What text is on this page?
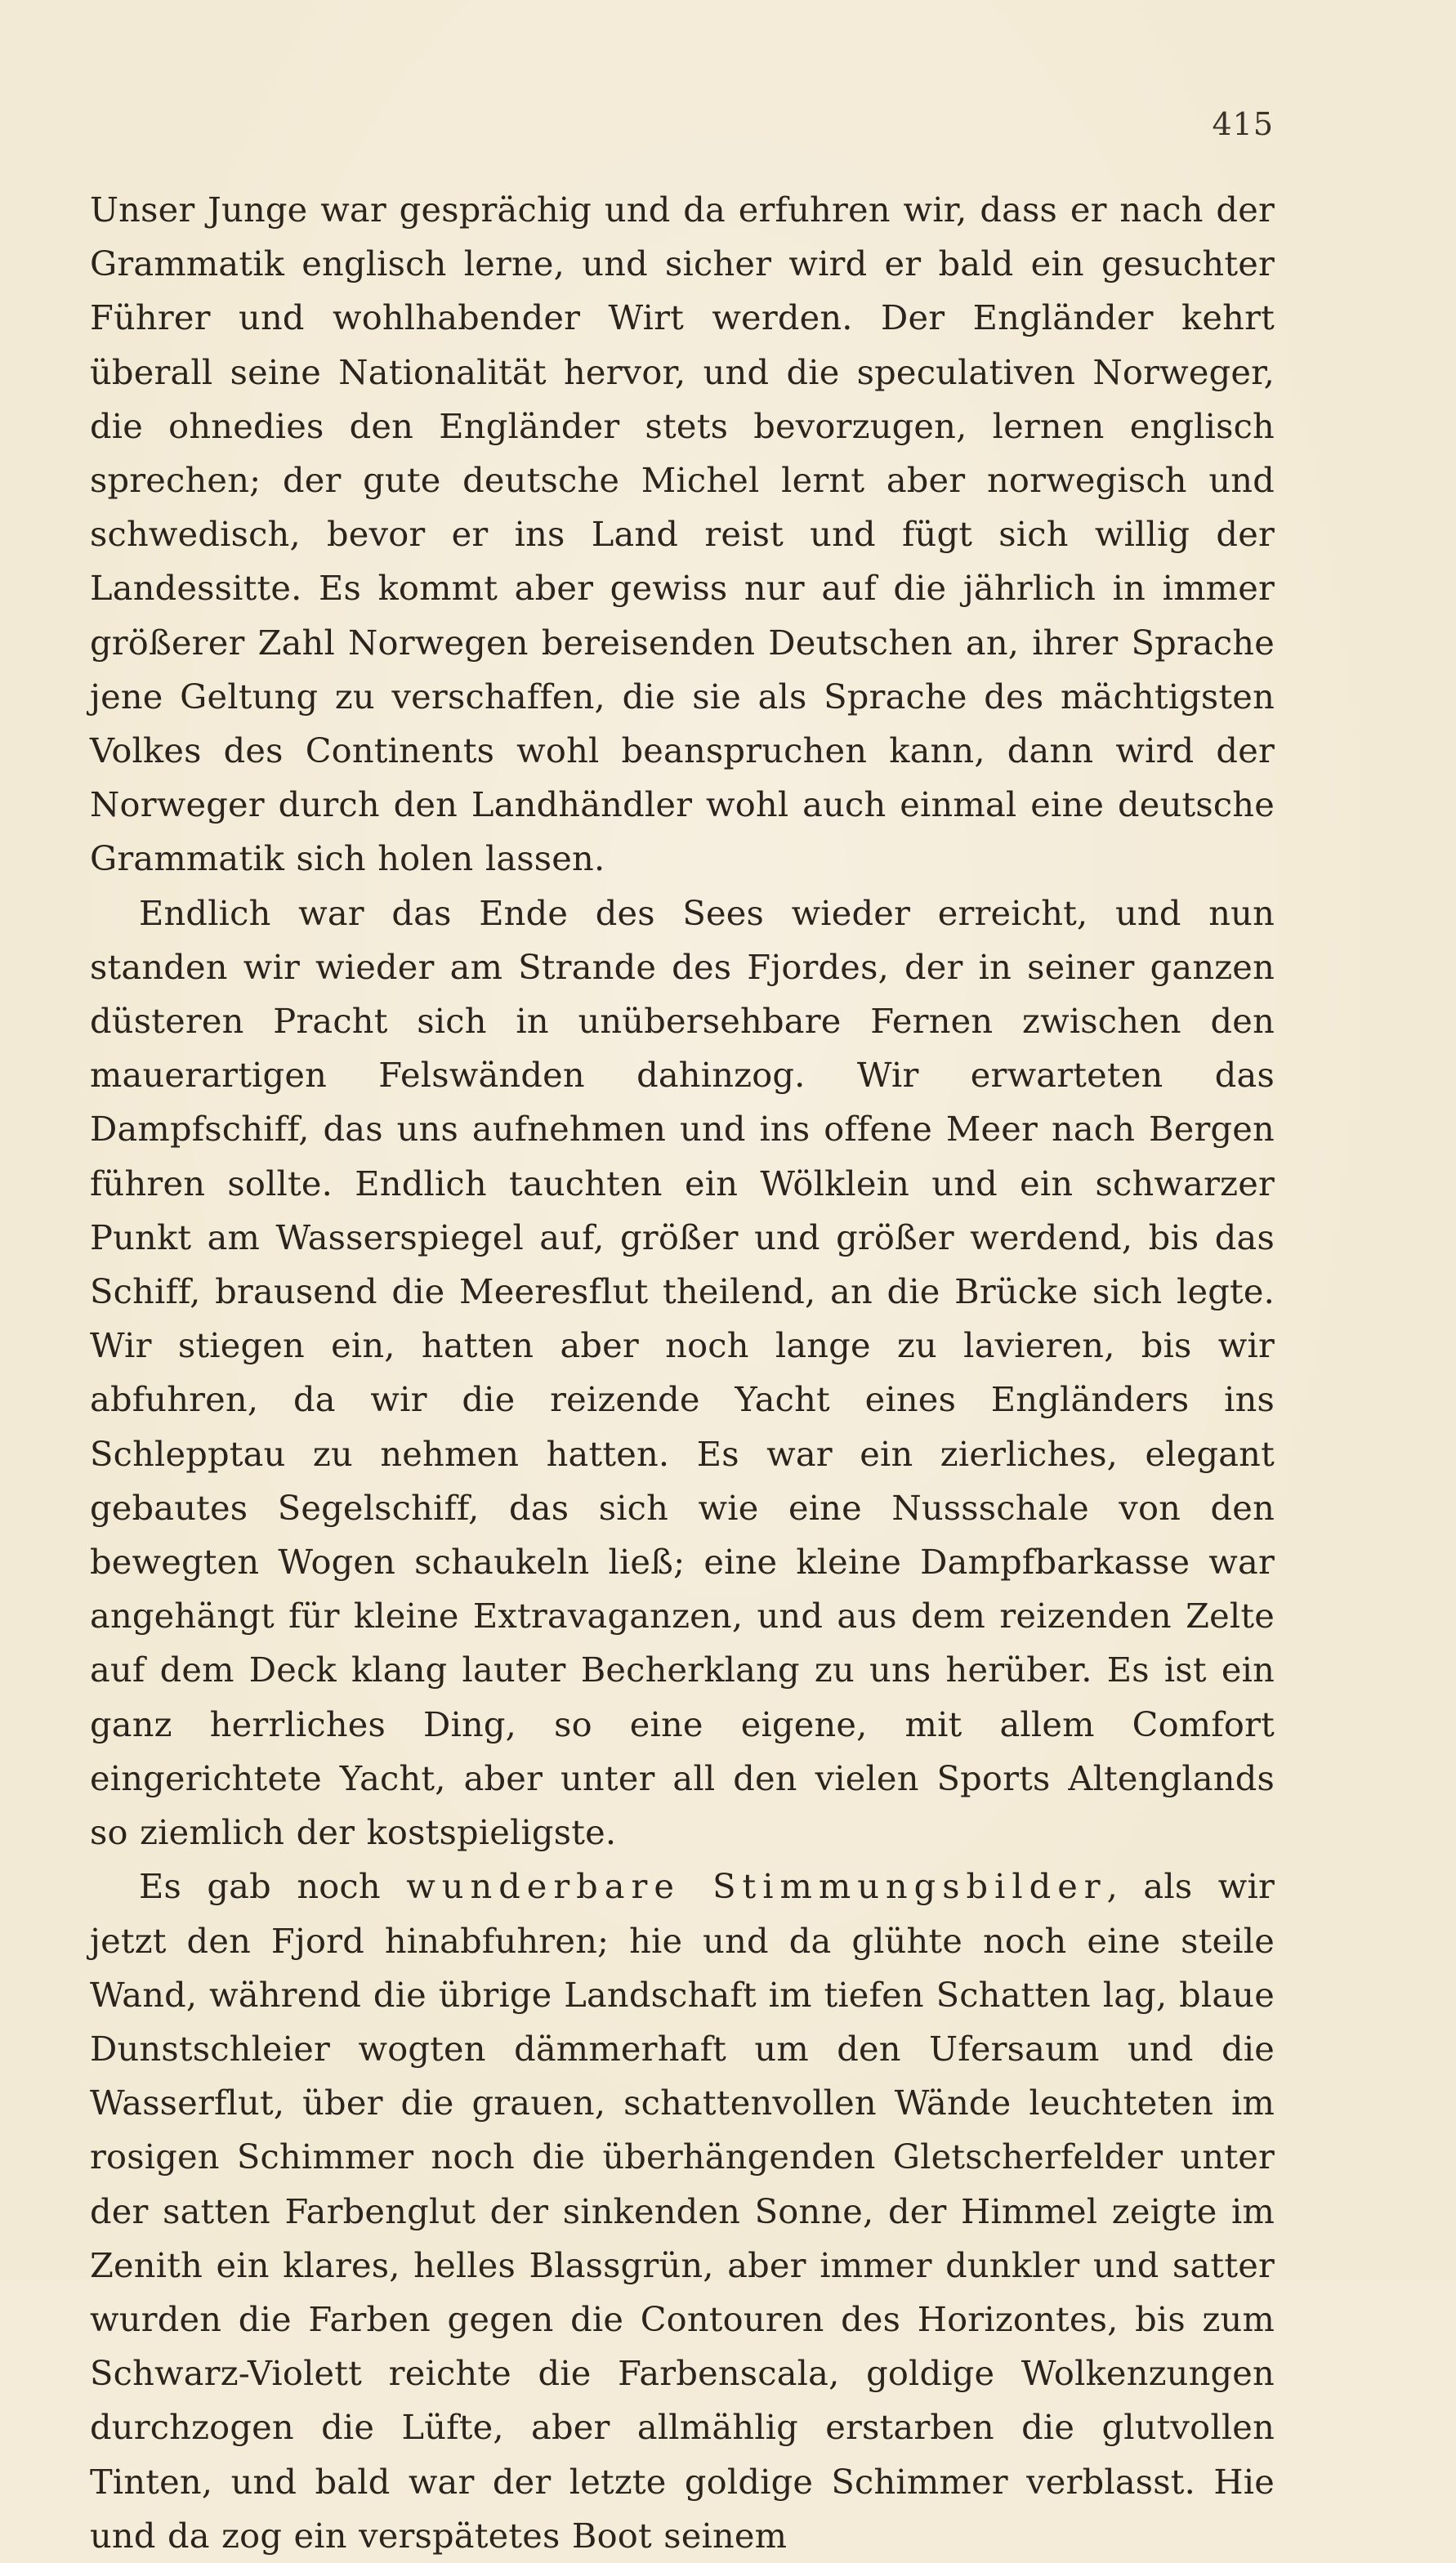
415

Unser Junge war gesprächig und da erfuhren wir, dass er nach der Grammatik englisch lerne, und sicher wird er bald ein gesuchter Führer und wohlhabender Wirt werden. Der Engländer kehrt überall seine Nationalität hervor, und die speculativen Norweger, die ohnedies den Engländer stets bevorzugen, lernen englisch sprechen; der gute deutsche Michel lernt aber norwegisch und schwedisch, bevor er ins Land reist und fügt sich willig der Landessitte. Es kommt aber gewiss nur auf die jährlich in immer größerer Zahl Norwegen bereisenden Deutschen an, ihrer Sprache jene Geltung zu verschaffen, die sie als Sprache des mächtigsten Volkes des Continents wohl beanspruchen kann, dann wird der Norweger durch den Landhändler wohl auch einmal eine deutsche Grammatik sich holen lassen.

Endlich war das Ende des Sees wieder erreicht, und nun standen wir wieder am Strande des Fjordes, der in seiner ganzen düsteren Pracht sich in unübersehbare Fernen zwischen den mauerartigen Felswänden dahinzog. Wir erwarteten das Dampfschiff, das uns aufnehmen und ins offene Meer nach Bergen führen sollte. Endlich tauchten ein Wölklein und ein schwarzer Punkt am Wasserspiegel auf, größer und größer werdend, bis das Schiff, brausend die Meeresflut theilend, an die Brücke sich legte. Wir stiegen ein, hatten aber noch lange zu lavieren, bis wir abfuhren, da wir die reizende Yacht eines Engländers ins Schlepptau zu nehmen hatten. Es war ein zierliches, elegant gebautes Segelschiff, das sich wie eine Nussschale von den bewegten Wogen schaukeln ließ; eine kleine Dampfbarkasse war angehängt für kleine Extravaganzen, und aus dem reizenden Zelte auf dem Deck klang lauter Becherklang zu uns herüber. Es ist ein ganz herrliches Ding, so eine eigene, mit allem Comfort eingerichtete Yacht, aber unter all den vielen Sports Altenglands so ziemlich der kostspieligste.

Es gab noch wunderbare Stimmungsbilder, als wir jetzt den Fjord hinabfuhren; hie und da glühte noch eine steile Wand, während die übrige Landschaft im tiefen Schatten lag, blaue Dunstschleier wogten dämmerhaft um den Ufersaum und die Wasserflut, über die grauen, schattenvollen Wände leuchteten im rosigen Schimmer noch die überhängenden Gletscherfelder unter der satten Farbenglut der sinkenden Sonne, der Himmel zeigte im Zenith ein klares, helles Blassgrün, aber immer dunkler und satter wurden die Farben gegen die Contouren des Horizontes, bis zum Schwarz-Violett reichte die Farbenscala, goldige Wolkenzungen durchzogen die Lüfte, aber allmählig erstarben die glutvollen Tinten, und bald war der letzte goldige Schimmer verblasst. Hie und da zog ein verspätetes Boot seinem
